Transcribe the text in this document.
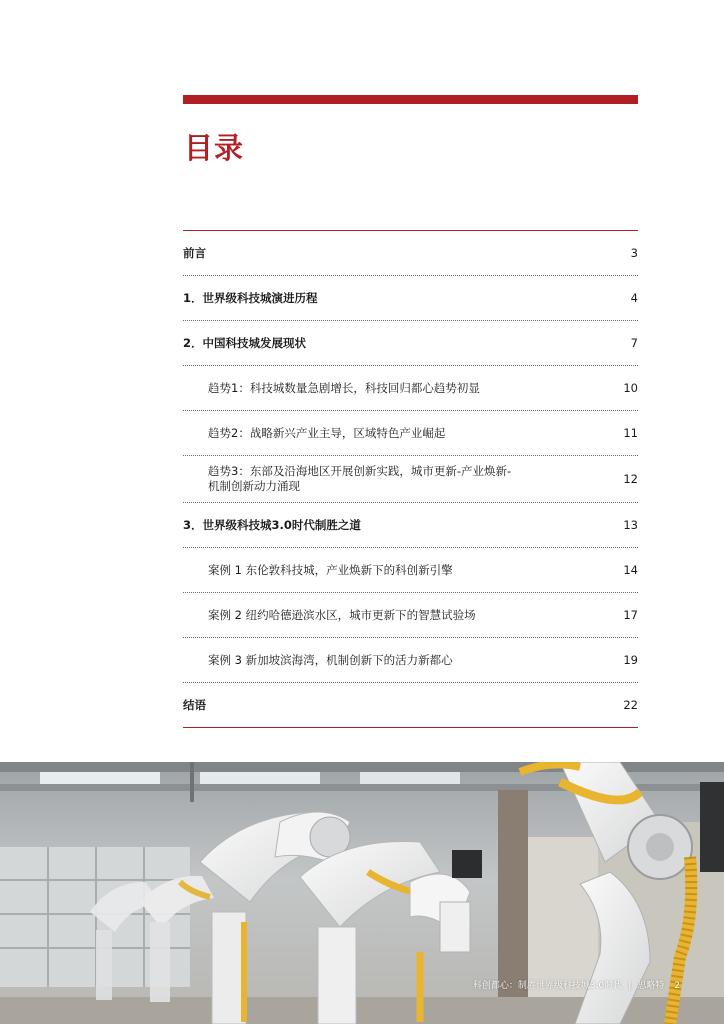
目录
前言	3
1．世界级科技城演进历程	4
2．中国科技城发展现状	7
趋势1：科技城数量急剧增长，科技回归都心趋势初显	10
趋势2：战略新兴产业主导，区域特色产业崛起	11
趋势3：东部及沿海地区开展创新实践，城市更新-产业焕新-
机制创新动力涌现	12
3．世界级科技城3.0时代制胜之道	13
案例 1 东伦敦科技城，产业焕新下的科创新引擎	14
案例 2 纽约哈德逊滨水区，城市更新下的智慧试验场	17
案例 3 新加坡滨海湾，机制创新下的活力新都心	19
结语	22
科创都心：制胜世界级科技城3.0时代 | 思略特 2
